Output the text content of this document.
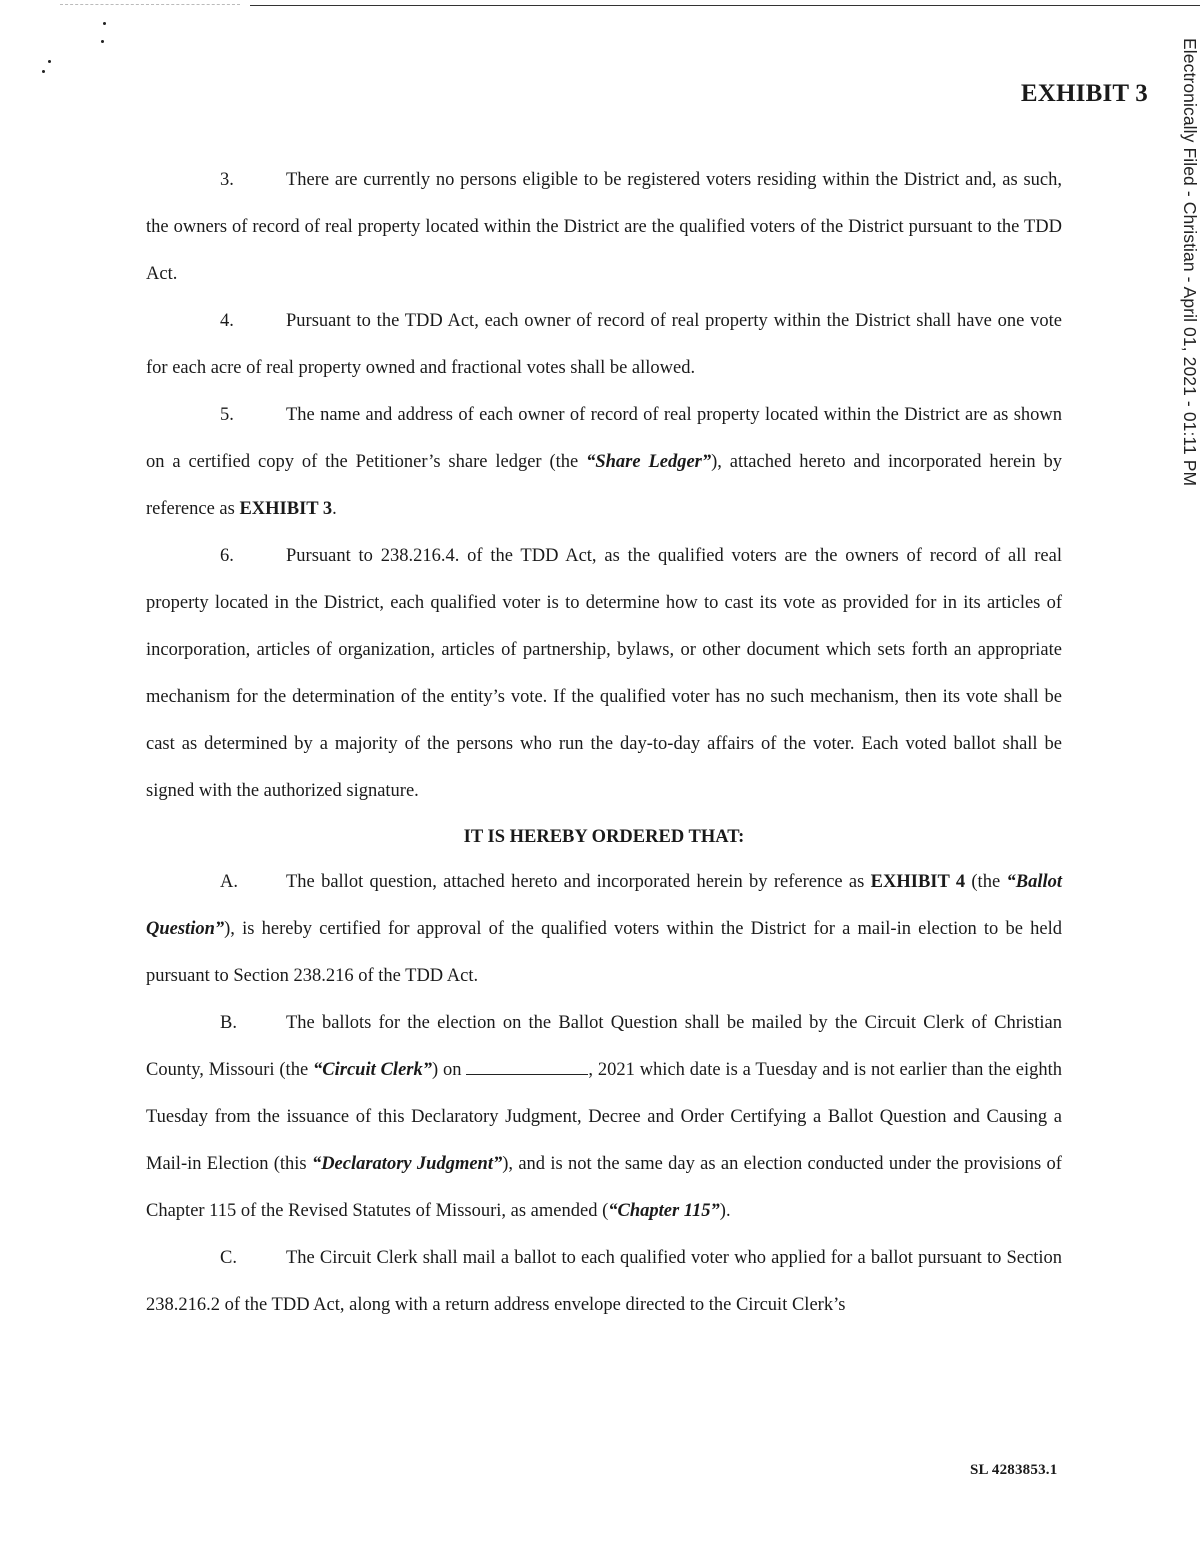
EXHIBIT 3	Electronically Filed - Christian - April 01, 2021 - 01:11 PM

3.	There are currently no persons eligible to be registered voters residing within the District and, as such, the owners of record of real property located within the District are the qualified voters of the District pursuant to the TDD Act.

4.	Pursuant to the TDD Act, each owner of record of real property within the District shall have one vote for each acre of real property owned and fractional votes shall be allowed.

5.	The name and address of each owner of record of real property located within the District are as shown on a certified copy of the Petitioner’s share ledger (the “Share Ledger”), attached hereto and incorporated herein by reference as EXHIBIT 3.

6.	Pursuant to 238.216.4. of the TDD Act, as the qualified voters are the owners of record of all real property located in the District, each qualified voter is to determine how to cast its vote as provided for in its articles of incorporation, articles of organization, articles of partnership, bylaws, or other document which sets forth an appropriate mechanism for the determination of the entity’s vote. If the qualified voter has no such mechanism, then its vote shall be cast as determined by a majority of the persons who run the day-to-day affairs of the voter. Each voted ballot shall be signed with the authorized signature.

IT IS HEREBY ORDERED THAT:

A.	The ballot question, attached hereto and incorporated herein by reference as EXHIBIT 4 (the “Ballot Question”), is hereby certified for approval of the qualified voters within the District for a mail-in election to be held pursuant to Section 238.216 of the TDD Act.

B.	The ballots for the election on the Ballot Question shall be mailed by the Circuit Clerk of Christian County, Missouri (the “Circuit Clerk”) on	, 2021 which date is a Tuesday and is not earlier than the eighth Tuesday from the issuance of this Declaratory Judgment, Decree and Order Certifying a Ballot Question and Causing a Mail-in Election (this “Declaratory Judgment”), and is not the same day as an election conducted under the provisions of Chapter 115 of the Revised Statutes of Missouri, as amended (“Chapter 115”).

C.	The Circuit Clerk shall mail a ballot to each qualified voter who applied for a ballot pursuant to Section 238.216.2 of the TDD Act, along with a return address envelope directed to the Circuit Clerk’s

SL 4283853.1
